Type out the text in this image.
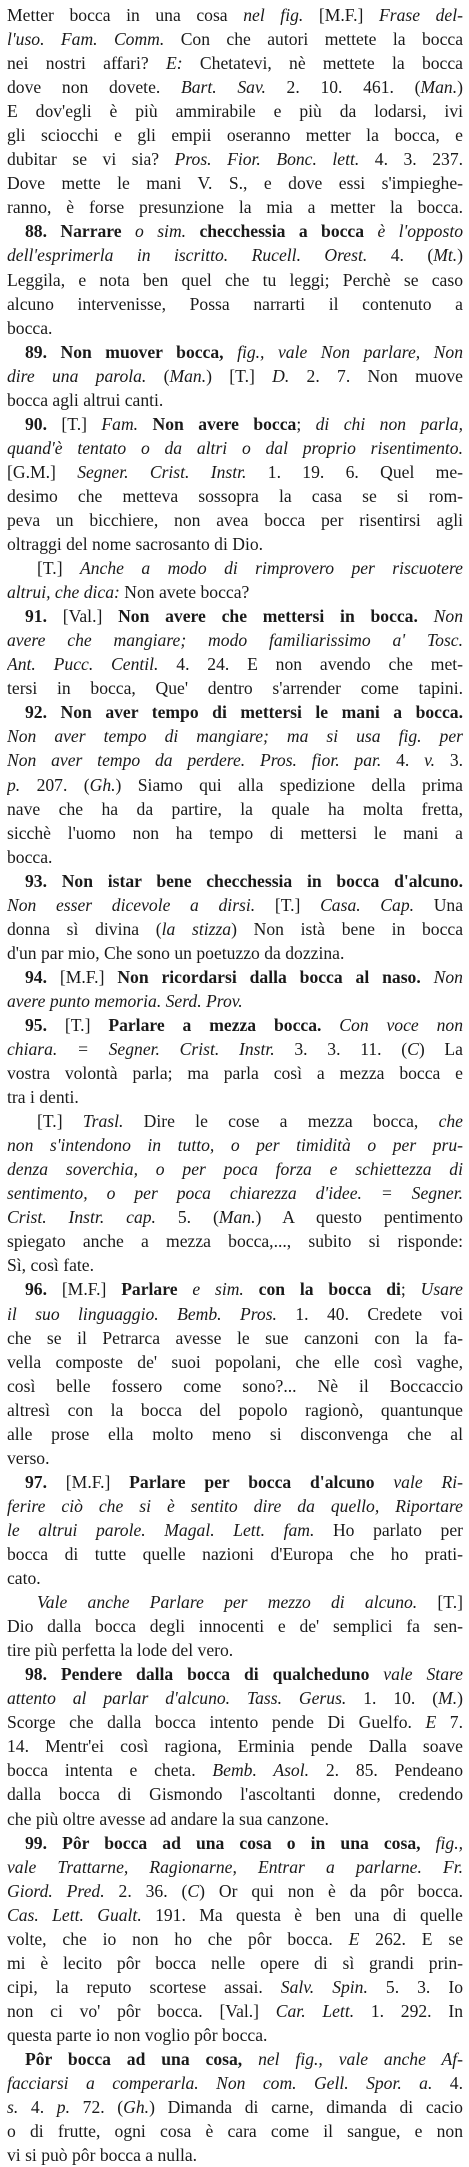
Metter bocca in una cosa nel fig. [M.F.] Frase del-
l'uso. Fam. Comm. Con che autori mettete la bocca
nei nostri affari? E: Chetatevi, nè mettete la bocca
dove non dovete. Bart. Sav. 2. 10. 461. (Man.)
E dov'egli è più ammirabile e più da lodarsi, ivi
gli sciocchi e gli empii oseranno metter la bocca, e
dubitar se vi sia? Pros. Fior. Bonc. lett. 4. 3. 237.
Dove mette le mani V. S., e dove essi s'impieghe-
ranno, è forse presunzione la mia a metter la bocca.
88. Narrare o sim. checchessia a bocca è l'opposto
dell'esprimerla in iscritto. Rucell. Orest. 4. (Mt.)
Leggila, e nota ben quel che tu leggi; Perchè se caso
alcuno intervenisse, Possa narrarti il contenuto a
bocca.
89. Non muover bocca, fig., vale Non parlare, Non
dire una parola. (Man.) [T.] D. 2. 7. Non muove
bocca agli altrui canti.
90. [T.] Fam. Non avere bocca; di chi non parla,
quand'è tentato o da altri o dal proprio risentimento.
[G.M.] Segner. Crist. Instr. 1. 19. 6. Quel me-
desimo che metteva sossopra la casa se si rom-
peva un bicchiere, non avea bocca per risentirsi agli
oltraggi del nome sacrosanto di Dio.
[T.] Anche a modo di rimprovero per riscuotere
altrui, che dica: Non avete bocca?
91. [Val.] Non avere che mettersi in bocca. Non
avere che mangiare; modo familiarissimo a' Tosc.
Ant. Pucc. Centil. 4. 24. E non avendo che met-
tersi in bocca, Que' dentro s'arrender come tapini.
92. Non aver tempo di mettersi le mani a bocca.
Non aver tempo di mangiare; ma si usa fig. per
Non aver tempo da perdere. Pros. fior. par. 4. v. 3.
p. 207. (Gh.) Siamo qui alla spedizione della prima
nave che ha da partire, la quale ha molta fretta,
sicchè l'uomo non ha tempo di mettersi le mani a
bocca.
93. Non istar bene checchessia in bocca d'alcuno.
Non esser dicevole a dirsi. [T.] Casa. Cap. Una
donna sì divina (la stizza) Non istà bene in bocca
d'un par mio, Che sono un poetuzzo da dozzina.
94. [M.F.] Non ricordarsi dalla bocca al naso. Non
avere punto memoria. Serd. Prov.
95. [T.] Parlare a mezza bocca. Con voce non
chiara. = Segner. Crist. Instr. 3. 3. 11. (C) La
vostra volontà parla; ma parla così a mezza bocca e
tra i denti.
[T.] Trasl. Dire le cose a mezza bocca, che
non s'intendono in tutto, o per timidità o per pru-
denza soverchia, o per poca forza e schiettezza di
sentimento, o per poca chiarezza d'idee. = Segner.
Crist. Instr. cap. 5. (Man.) A questo pentimento
spiegato anche a mezza bocca,..., subito si risponde:
Sì, così fate.
96. [M.F.] Parlare e sim. con la bocca di; Usare
il suo linguaggio. Bemb. Pros. 1. 40. Credete voi
che se il Petrarca avesse le sue canzoni con la fa-
vella composte de' suoi popolani, che elle così vaghe,
così belle fossero come sono?... Nè il Boccaccio
altresì con la bocca del popolo ragionò, quantunque
alle prose ella molto meno si disconvenga che al
verso.
97. [M.F.] Parlare per bocca d'alcuno vale Ri-
ferire ciò che si è sentito dire da quello, Riportare
le altrui parole. Magal. Lett. fam. Ho parlato per
bocca di tutte quelle nazioni d'Europa che ho prati-
cato.
Vale anche Parlare per mezzo di alcuno. [T.]
Dio dalla bocca degli innocenti e de' semplici fa sen-
tire più perfetta la lode del vero.
98. Pendere dalla bocca di qualcheduno vale Stare
attento al parlar d'alcuno. Tass. Gerus. 1. 10. (M.)
Scorge che dalla bocca intento pende Di Guelfo. E 7.
14. Mentr'ei così ragiona, Erminia pende Dalla soave
bocca intenta e cheta. Bemb. Asol. 2. 85. Pendeano
dalla bocca di Gismondo l'ascoltanti donne, credendo
che più oltre avesse ad andare la sua canzone.
99. Pôr bocca ad una cosa o in una cosa, fig.,
vale Trattarne, Ragionarne, Entrar a parlarne. Fr.
Giord. Pred. 2. 36. (C) Or qui non è da pôr bocca.
Cas. Lett. Gualt. 191. Ma questa è ben una di quelle
volte, che io non ho che pôr bocca. E 262. E se
mi è lecito pôr bocca nelle opere di sì grandi prin-
cipi, la reputo scortese assai. Salv. Spin. 5. 3. Io
non ci vo' pôr bocca. [Val.] Car. Lett. 1. 292. In
questa parte io non voglio pôr bocca.
Pôr bocca ad una cosa, nel fig., vale anche Af-
facciarsi a comperarla. Non com. Gell. Spor. a. 4.
s. 4. p. 72. (Gh.) Dimanda di carne, dimanda di cacio
o di frutte, ogni cosa è cara come il sangue, e non
vi si può pôr bocca a nulla.
